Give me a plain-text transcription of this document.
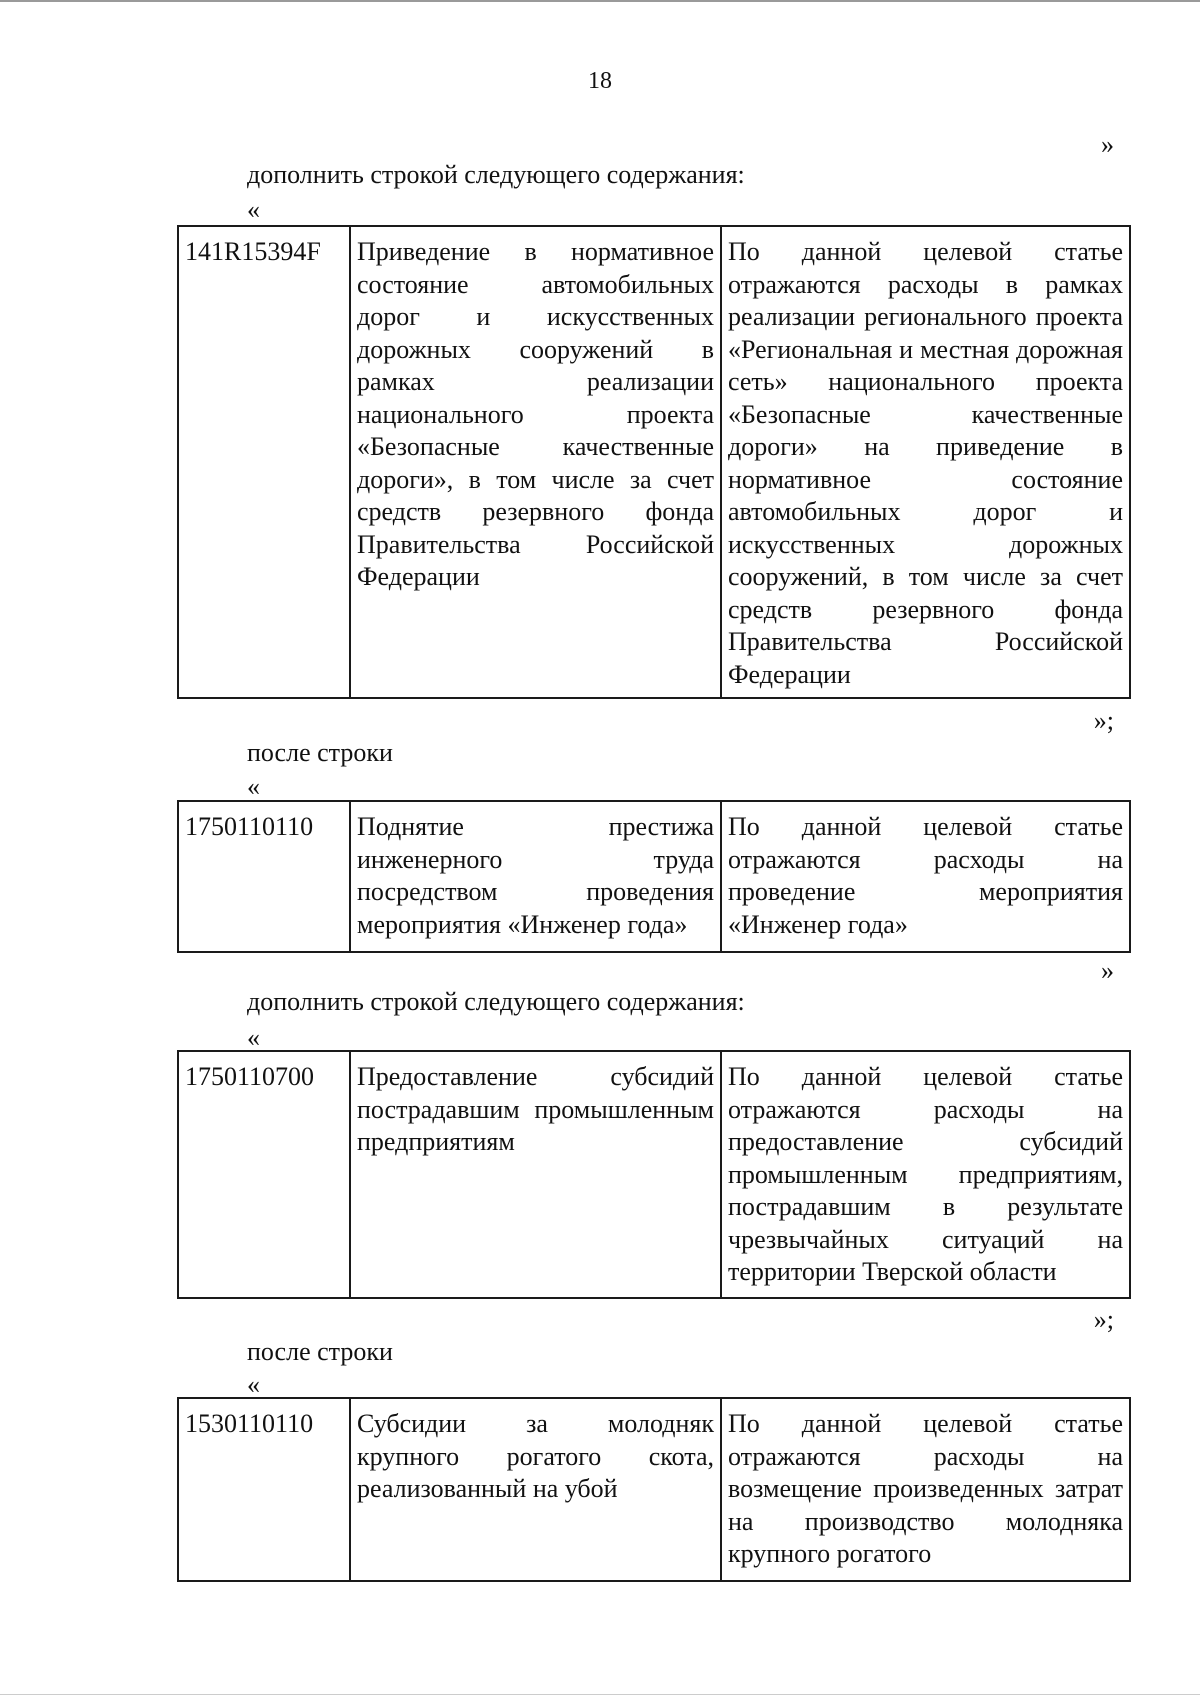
18
»
дополнить строкой следующего содержания:
«
141R15394F	Приведение в нормативное состояние автомобильных дорог и искусственных дорожных сооружений в рамках реализации национального проекта «Безопасные качественные дороги», в том числе за счет средств резервного фонда Правительства Российской Федерации	По данной целевой статье отражаются расходы в рамках реализации регионального проекта «Региональная и местная дорожная сеть» национального проекта «Безопасные качественные дороги» на приведение в нормативное состояние автомобильных дорог и искусственных дорожных сооружений, в том числе за счет средств резервного фонда Правительства Российской Федерации
»;
после строки
«
1750110110	Поднятие престижа инженерного труда посредством проведения мероприятия «Инженер года»	По данной целевой статье отражаются расходы на проведение мероприятия «Инженер года»
»
дополнить строкой следующего содержания:
«
1750110700	Предоставление субсидий пострадавшим промышленным предприятиям	По данной целевой статье отражаются расходы на предоставление субсидий промышленным предприятиям, пострадавшим в результате чрезвычайных ситуаций на территории Тверской области
»;
после строки
«
1530110110	Субсидии за молодняк крупного рогатого скота, реализованный на убой	По данной целевой статье отражаются расходы на возмещение произведенных затрат на производство молодняка крупного рогатого
